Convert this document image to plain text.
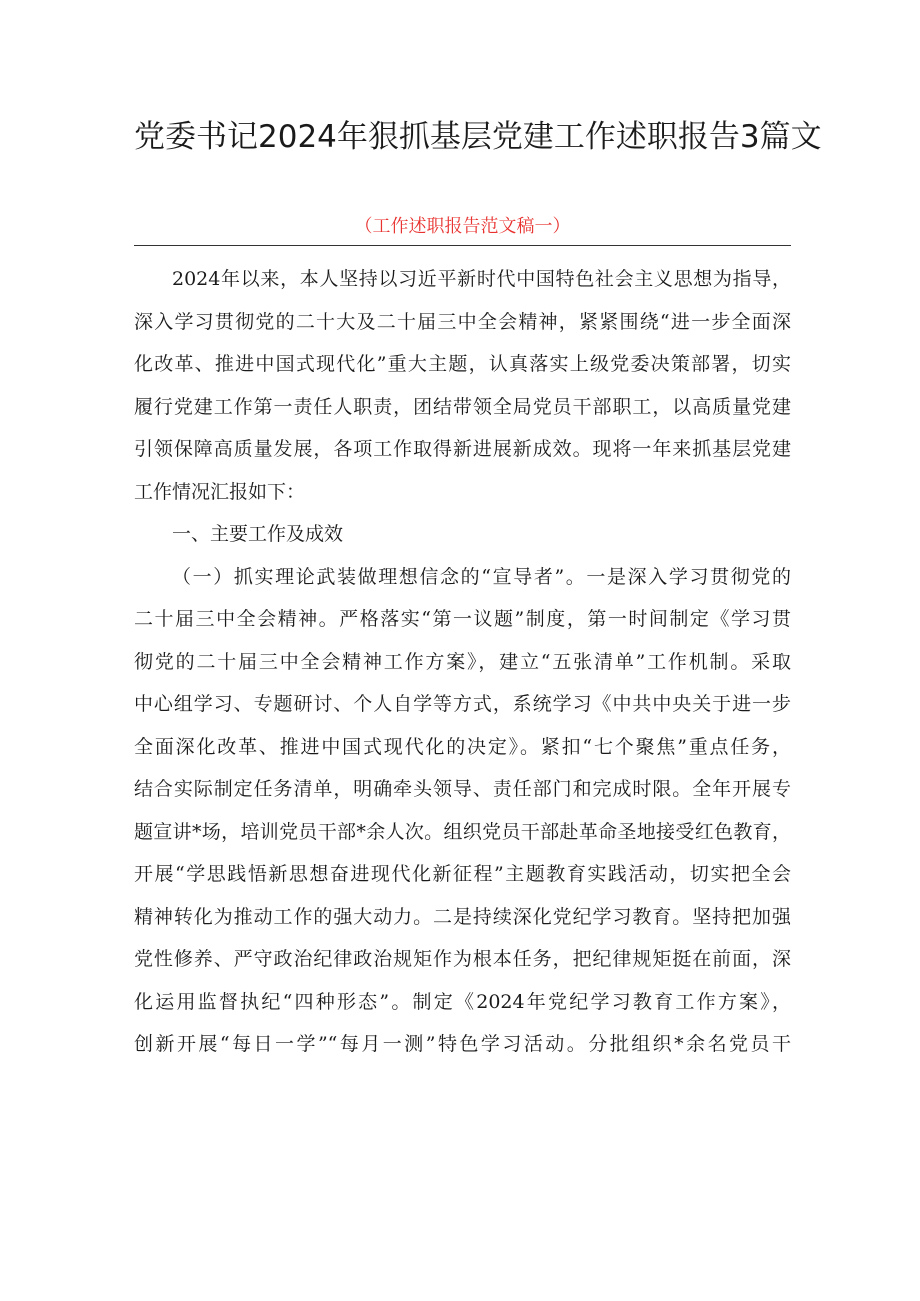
党委书记2024年狠抓基层党建工作述职报告3篇文
（工作述职报告范文稿一）
2024年以来，本人坚持以习近平新时代中国特色社会主义思想为指导，
深入学习贯彻党的二十大及二十届三中全会精神，紧紧围绕“进一步全面深
化改革、推进中国式现代化”重大主题，认真落实上级党委决策部署，切实
履行党建工作第一责任人职责，团结带领全局党员干部职工，以高质量党建
引领保障高质量发展，各项工作取得新进展新成效。现将一年来抓基层党建
工作情况汇报如下：
一、主要工作及成效
（一）抓实理论武装做理想信念的“宣导者”。一是深入学习贯彻党的
二十届三中全会精神。严格落实“第一议题”制度，第一时间制定《学习贯
彻党的二十届三中全会精神工作方案》，建立“五张清单”工作机制。采取
中心组学习、专题研讨、个人自学等方式，系统学习《中共中央关于进一步
全面深化改革、推进中国式现代化的决定》。紧扣“七个聚焦”重点任务，
结合实际制定任务清单，明确牵头领导、责任部门和完成时限。全年开展专
题宣讲*场，培训党员干部*余人次。组织党员干部赴革命圣地接受红色教育，
开展“学思践悟新思想奋进现代化新征程”主题教育实践活动，切实把全会
精神转化为推动工作的强大动力。二是持续深化党纪学习教育。坚持把加强
党性修养、严守政治纪律政治规矩作为根本任务，把纪律规矩挺在前面，深
化运用监督执纪“四种形态”。制定《2024年党纪学习教育工作方案》，
创新开展“每日一学”“每月一测”特色学习活动。分批组织*余名党员干
